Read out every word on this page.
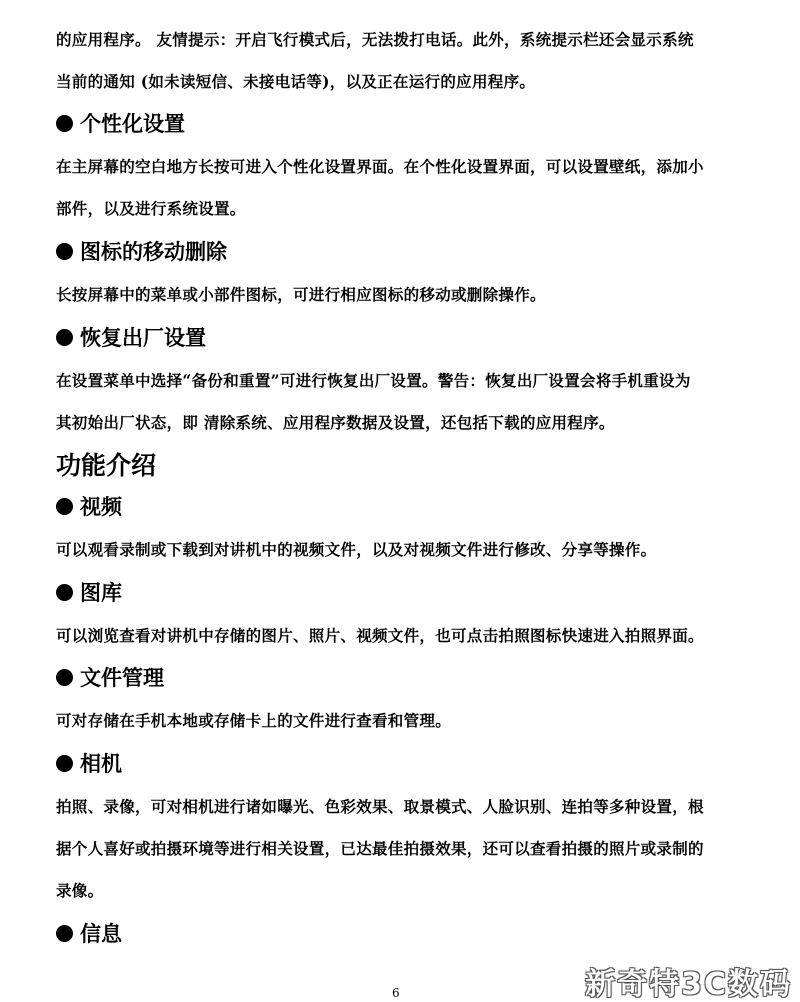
的应用程序。 友情提示：开启飞行模式后，无法拨打电话。此外，系统提示栏还会显示系统
当前的通知 (如未读短信、未接电话等)，以及正在运行的应用程序。
个性化设置
在主屏幕的空白地方长按可进入个性化设置界面。在个性化设置界面，可以设置壁纸，添加小
部件，以及进行系统设置。
图标的移动删除
长按屏幕中的菜单或小部件图标，可进行相应图标的移动或删除操作。
恢复出厂设置
在设置菜单中选择“备份和重置”可进行恢复出厂设置。警告：恢复出厂设置会将手机重设为
其初始出厂状态，即 清除系统、应用程序数据及设置，还包括下载的应用程序。
功能介绍
视频
可以观看录制或下载到对讲机中的视频文件，以及对视频文件进行修改、分享等操作。
图库
可以浏览查看对讲机中存储的图片、照片、视频文件，也可点击拍照图标快速进入拍照界面。
文件管理
可对存储在手机本地或存储卡上的文件进行查看和管理。
相机
拍照、录像，可对相机进行诸如曝光、色彩效果、取景模式、人脸识别、连拍等多种设置，根
据个人喜好或拍摄环境等进行相关设置，已达最佳拍摄效果，还可以查看拍摄的照片或录制的
录像。
信息
6	新奇特3C数码
